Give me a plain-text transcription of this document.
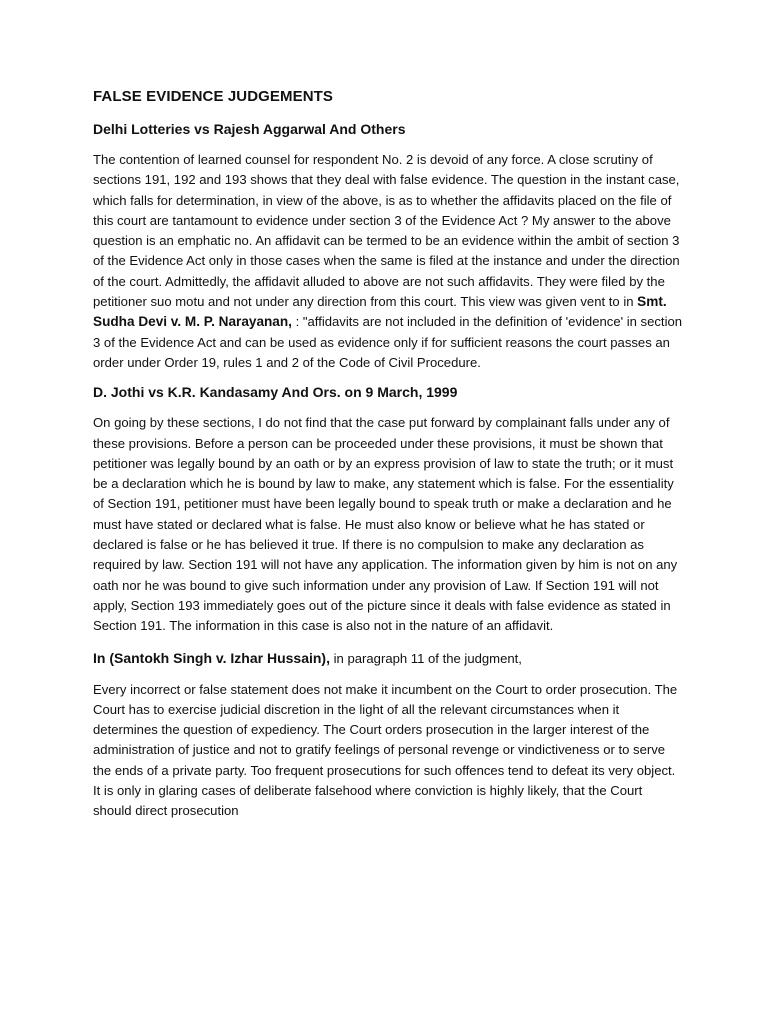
FALSE EVIDENCE JUDGEMENTS
Delhi Lotteries vs Rajesh Aggarwal And Others

The contention of learned counsel for respondent No. 2 is devoid of any force. A close scrutiny of sections 191, 192 and 193 shows that they deal with false evidence. The question in the instant case, which falls for determination, in view of the above, is as to whether the affidavits placed on the file of this court are tantamount to evidence under section 3 of the Evidence Act ? My answer to the above question is an emphatic no. An affidavit can be termed to be an evidence within the ambit of section 3 of the Evidence Act only in those cases when the same is filed at the instance and under the direction of the court. Admittedly, the affidavit alluded to above are not such affidavits. They were filed by the petitioner suo motu and not under any direction from this court. This view was given vent to in Smt. Sudha Devi v. M. P. Narayanan, : "affidavits are not included in the definition of 'evidence' in section 3 of the Evidence Act and can be used as evidence only if for sufficient reasons the court passes an order under Order 19, rules 1 and 2 of the Code of Civil Procedure.

D. Jothi vs K.R. Kandasamy And Ors. on 9 March, 1999

On going by these sections, I do not find that the case put forward by complainant falls under any of these provisions. Before a person can be proceeded under these provisions, it must be shown that petitioner was legally bound by an oath or by an express provision of law to state the truth; or it must be a declaration which he is bound by law to make, any statement which is false. For the essentiality of Section 191, petitioner must have been legally bound to speak truth or make a declaration and he must have stated or declared what is false. He must also know or believe what he has stated or declared is false or he has believed it true. If there is no compulsion to make any declaration as required by law. Section 191 will not have any application. The information given by him is not on any oath nor he was bound to give such information under any provision of Law. If Section 191 will not apply, Section 193 immediately goes out of the picture since it deals with false evidence as stated in Section 191. The information in this case is also not in the nature of an affidavit.

In (Santokh Singh v. Izhar Hussain), in paragraph 11 of the judgment,

Every incorrect or false statement does not make it incumbent on the Court to order prosecution. The Court has to exercise judicial discretion in the light of all the relevant circumstances when it determines the question of expediency. The Court orders prosecution in the larger interest of the administration of justice and not to gratify feelings of personal revenge or vindictiveness or to serve the ends of a private party. Too frequent prosecutions for such offences tend to defeat its very object. It is only in glaring cases of deliberate falsehood where conviction is highly likely, that the Court should direct prosecution
